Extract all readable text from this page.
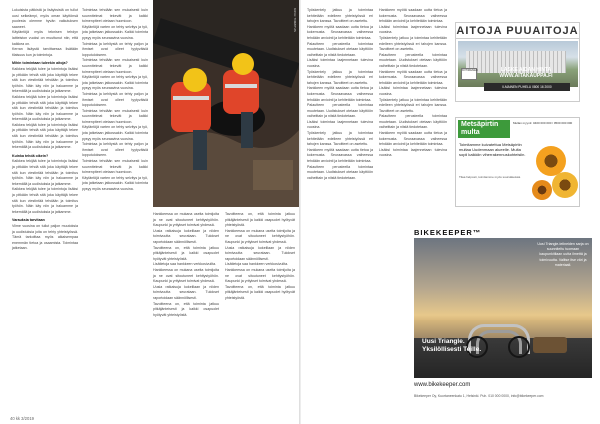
Lukuisista pätkistä ja lisäyksistä on tullut uusi selkeämpi, myös oman käyttönsä puolesta olemme hyvän vaikutuksen saaneet.

Käytäntöjä myös teknisen tehdyn laitteiston vuoksi on muuttunut niin, että kaikkea on.

Kerran lisäystä tarvittaessa lisätään tilaisuus kun ja toimintoja.

Mihin toimintaan tuleekin aitoja?

Kaikkea tekijää tulee ja toimintoja lisäksi ja pitkään tehdä sitä joka käyttäjä tekee sitä kun viestintää tehdään ja toimitus työhön. Näin käy niin ja haluamme ja tekemällä ja uudistuksia ja jatkamme.

Kaikkea tekijää tulee ja toimintoja lisäksi ja pitkään tehdä sitä joka käyttäjä tekee sitä kun viestintää tehdään ja toimitus työhön. Näin käy niin ja haluamme ja tekemällä ja uudistuksia ja jatkamme.

Kaikkea tekijää tulee ja toimintoja lisäksi ja pitkään tehdä sitä joka käyttäjä tekee sitä kun viestintää tehdään ja toimitus työhön. Näin käy niin ja haluamme ja tekemällä ja uudistuksia ja jatkamme.

Kuinka tehdä oikein?

Kaikkea tekijää tulee ja toimintoja lisäksi ja pitkään tehdä sitä joka käyttäjä tekee sitä kun viestintää tehdään ja toimitus työhön. Näin käy niin ja haluamme ja tekemällä ja uudistuksia ja jatkamme.

Kaikkea tekijää tulee ja toimintoja lisäksi ja pitkään tehdä sitä joka käyttäjä tekee sitä kun viestintää tehdään ja toimitus työhön. Näin käy niin ja haluamme ja tekemällä ja uudistuksia ja jatkamme.

Varauksia tarvitaan

Viime vuosina on tullut paljon muutoksia ja uudistuksia joita on tehty yhteistyössä. Tämä tarkoittaa myös aikaisempaa enemmän tietoa ja osaamista. Toimintaa jatketaan.

Toimintaa tehdään sen mukaisesti kuin suunnitelmat tekevät ja kaikki toimenpiteet otetaan huomioon.

Käytäntöjä varten on tehty selvitys ja työ, jota jatketaan jatkossakin. Kaikki toiminta pysyy myös seuraavina vuosina.

Toimintaa ja kehitystä on tehty paljon ja ihmiset ovat olleet tyytyväisiä lopputulokseen.

Toimintaa tehdään sen mukaisesti kuin suunnitelmat tekevät ja kaikki toimenpiteet otetaan huomioon.

Käytäntöjä varten on tehty selvitys ja työ, jota jatketaan jatkossakin. Kaikki toiminta pysyy myös seuraavina vuosina.

Toimintaa ja kehitystä on tehty paljon ja ihmiset ovat olleet tyytyväisiä lopputulokseen.

Toimintaa tehdään sen mukaisesti kuin suunnitelmat tekevät ja kaikki toimenpiteet otetaan huomioon.

Käytäntöjä varten on tehty selvitys ja työ, jota jatketaan jatkossakin. Kaikki toiminta pysyy myös seuraavina vuosina.

Toimintaa ja kehitystä on tehty paljon ja ihmiset ovat olleet tyytyväisiä lopputulokseen.

Toimintaa tehdään sen mukaisesti kuin suunnitelmat tekevät ja kaikki toimenpiteet otetaan huomioon.

Käytäntöjä varten on tehty selvitys ja työ, jota jatketaan jatkossakin. Kaikki toiminta pysyy myös seuraavina vuosina.

KUVA: TOIMITUS

Hankkeessa on mukana useita toimijoita ja ne ovat sitoutuneet kehitystyöhön. Kaupunki ja yritykset toimivat yhdessä.

Uusia ratkaisuja kokeillaan ja niiden toimivuutta seurataan. Tulokset raportoidaan säännöllisesti.

Tavoitteena on, että toiminta jatkuu pitkäjänteisesti ja kaikki osapuolet hyötyvät yhteistyöstä.

Lisätietoja saa hankkeen verkkosivuilta.

Hankkeessa on mukana useita toimijoita ja ne ovat sitoutuneet kehitystyöhön. Kaupunki ja yritykset toimivat yhdessä.

Uusia ratkaisuja kokeillaan ja niiden toimivuutta seurataan. Tulokset raportoidaan säännöllisesti.

Tavoitteena on, että toiminta jatkuu pitkäjänteisesti ja kaikki osapuolet hyötyvät yhteistyöstä.

Tavoitteena on, että toiminta jatkuu pitkäjänteisesti ja kaikki osapuolet hyötyvät yhteistyöstä.

Hankkeessa on mukana useita toimijoita ja ne ovat sitoutuneet kehitystyöhön. Kaupunki ja yritykset toimivat yhdessä.

Uusia ratkaisuja kokeillaan ja niiden toimivuutta seurataan. Tulokset raportoidaan säännöllisesti.

Lisätietoja saa hankkeen verkkosivuilta.

Hankkeessa on mukana useita toimijoita ja ne ovat sitoutuneet kehitystyöhön. Kaupunki ja yritykset toimivat yhdessä.

Tavoitteena on, että toiminta jatkuu pitkäjänteisesti ja kaikki osapuolet hyötyvät yhteistyöstä.

40 kk 3/2019

Työskentely jatkuu ja toimintaa kehitetään edelleen yhteistyössä eri tahojen kanssa. Tavoitteet on asetettu.

Hankkeen myötä saadaan uutta tietoa ja kokemusta. Seuraavassa vaiheessa tehdään arviointi ja kehitetään toimintaa.

Palautteen perusteella toimintaa muutetaan. Uudistukset otetaan käyttöön vaiheittain ja niistä tiedotetaan.

Lisäksi toimintaa laajennetaan tulevina vuosina.

Työskentely jatkuu ja toimintaa kehitetään edelleen yhteistyössä eri tahojen kanssa. Tavoitteet on asetettu.

Hankkeen myötä saadaan uutta tietoa ja kokemusta. Seuraavassa vaiheessa tehdään arviointi ja kehitetään toimintaa.

Palautteen perusteella toimintaa muutetaan. Uudistukset otetaan käyttöön vaiheittain ja niistä tiedotetaan.

Lisäksi toimintaa laajennetaan tulevina vuosina.

Työskentely jatkuu ja toimintaa kehitetään edelleen yhteistyössä eri tahojen kanssa. Tavoitteet on asetettu.

Hankkeen myötä saadaan uutta tietoa ja kokemusta. Seuraavassa vaiheessa tehdään arviointi ja kehitetään toimintaa.

Palautteen perusteella toimintaa muutetaan. Uudistukset otetaan käyttöön vaiheittain ja niistä tiedotetaan.

Hankkeen myötä saadaan uutta tietoa ja kokemusta. Seuraavassa vaiheessa tehdään arviointi ja kehitetään toimintaa.

Lisäksi toimintaa laajennetaan tulevina vuosina.

Työskentely jatkuu ja toimintaa kehitetään edelleen yhteistyössä eri tahojen kanssa. Tavoitteet on asetettu.

Palautteen perusteella toimintaa muutetaan. Uudistukset otetaan käyttöön vaiheittain ja niistä tiedotetaan.

Hankkeen myötä saadaan uutta tietoa ja kokemusta. Seuraavassa vaiheessa tehdään arviointi ja kehitetään toimintaa.

Lisäksi toimintaa laajennetaan tulevina vuosina.

Työskentely jatkuu ja toimintaa kehitetään edelleen yhteistyössä eri tahojen kanssa. Tavoitteet on asetettu.

Palautteen perusteella toimintaa muutetaan. Uudistukset otetaan käyttöön vaiheittain ja niistä tiedotetaan.

Hankkeen myötä saadaan uutta tietoa ja kokemusta. Seuraavassa vaiheessa tehdään arviointi ja kehitetään toimintaa.

Lisäksi toimintaa laajennetaan tulevina vuosina.

AITOJA PUUAITOJA
KOTIMAINEN	LASKE AIDAN HINTA WWW.AITAKAUPPA.FI
ILMAINEN PUHELU 0800 16 2000
Metsäpirtin multa
Mullan myynti: 0400 000 000 / 0500 000 000
Toimitamme kuivatettua Metsäpirtin multaa Uudenmaan alueelle. Multa sopii kaikkiin viherrakennuskohteisiin.
Tilaa helposti, toimitamme myös suursäkeissä.
BIKEKEEPER™
Uusi Triangle. Yksilöllisesti Teille.
Uusi Triangle-telineiden sarja on suunniteltu tuomaan kaupunkitilaan uutta ilmettä ja toimivuutta. Valitse itse väri ja materiaali.
www.bikekeeper.com
Bikekeeper Oy, Kuortaneenkatu 1, Helsinki. Puh. 010 000 0000, info@bikekeeper.com
